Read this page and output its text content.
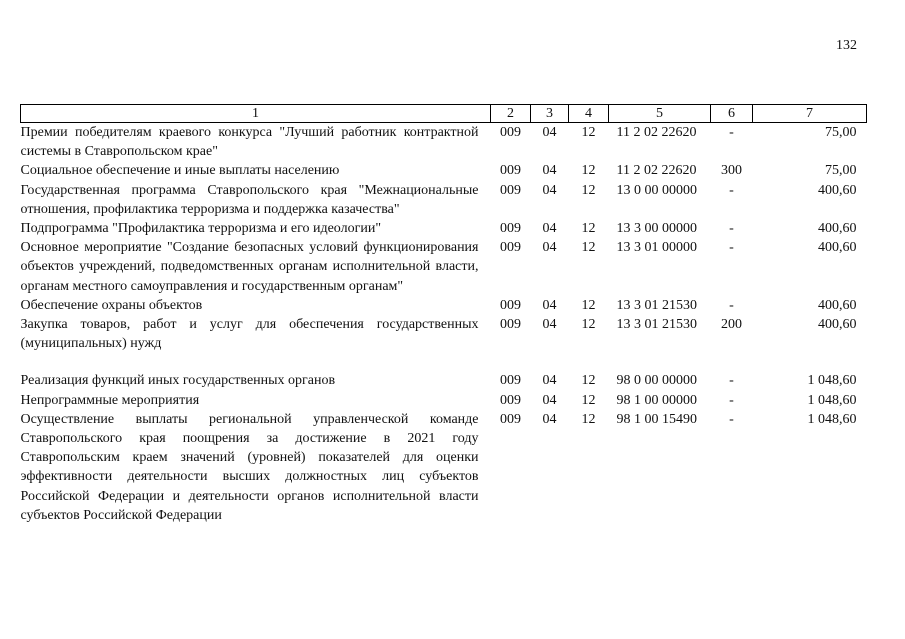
132
1	2	3	4	5	6	7
Премии победителям краевого конкурса "Лучший работник контрактной системы в Ставропольском крае"	009	04	12	11 2 02 22620	-	75,00
Социальное обеспечение и иные выплаты населению	009	04	12	11 2 02 22620	300	75,00
Государственная программа Ставропольского края "Межнациональные отношения, профилактика терроризма и поддержка казачества"	009	04	12	13 0 00 00000	-	400,60
Подпрограмма "Профилактика терроризма и его идеологии"	009	04	12	13 3 00 00000	-	400,60
Основное мероприятие "Создание безопасных условий функционирования объектов учреждений, подведомственных органам исполнительной власти, органам местного самоуправления и государственным органам"	009	04	12	13 3 01 00000	-	400,60
Обеспечение охраны объектов	009	04	12	13 3 01 21530	-	400,60
Закупка товаров, работ и услуг для обеспечения государственных (муниципальных) нужд	009	04	12	13 3 01 21530	200	400,60

Реализация функций иных государственных органов	009	04	12	98 0 00 00000	-	1 048,60
Непрограммные мероприятия	009	04	12	98 1 00 00000	-	1 048,60
Осуществление выплаты региональной управленческой команде Ставропольского края поощрения за достижение в 2021 году Ставропольским краем значений (уровней) показателей для оценки эффективности деятельности высших должностных лиц субъектов Российской Федерации и деятельности органов исполнительной власти субъектов Российской Федерации	009	04	12	98 1 00 15490	-	1 048,60
